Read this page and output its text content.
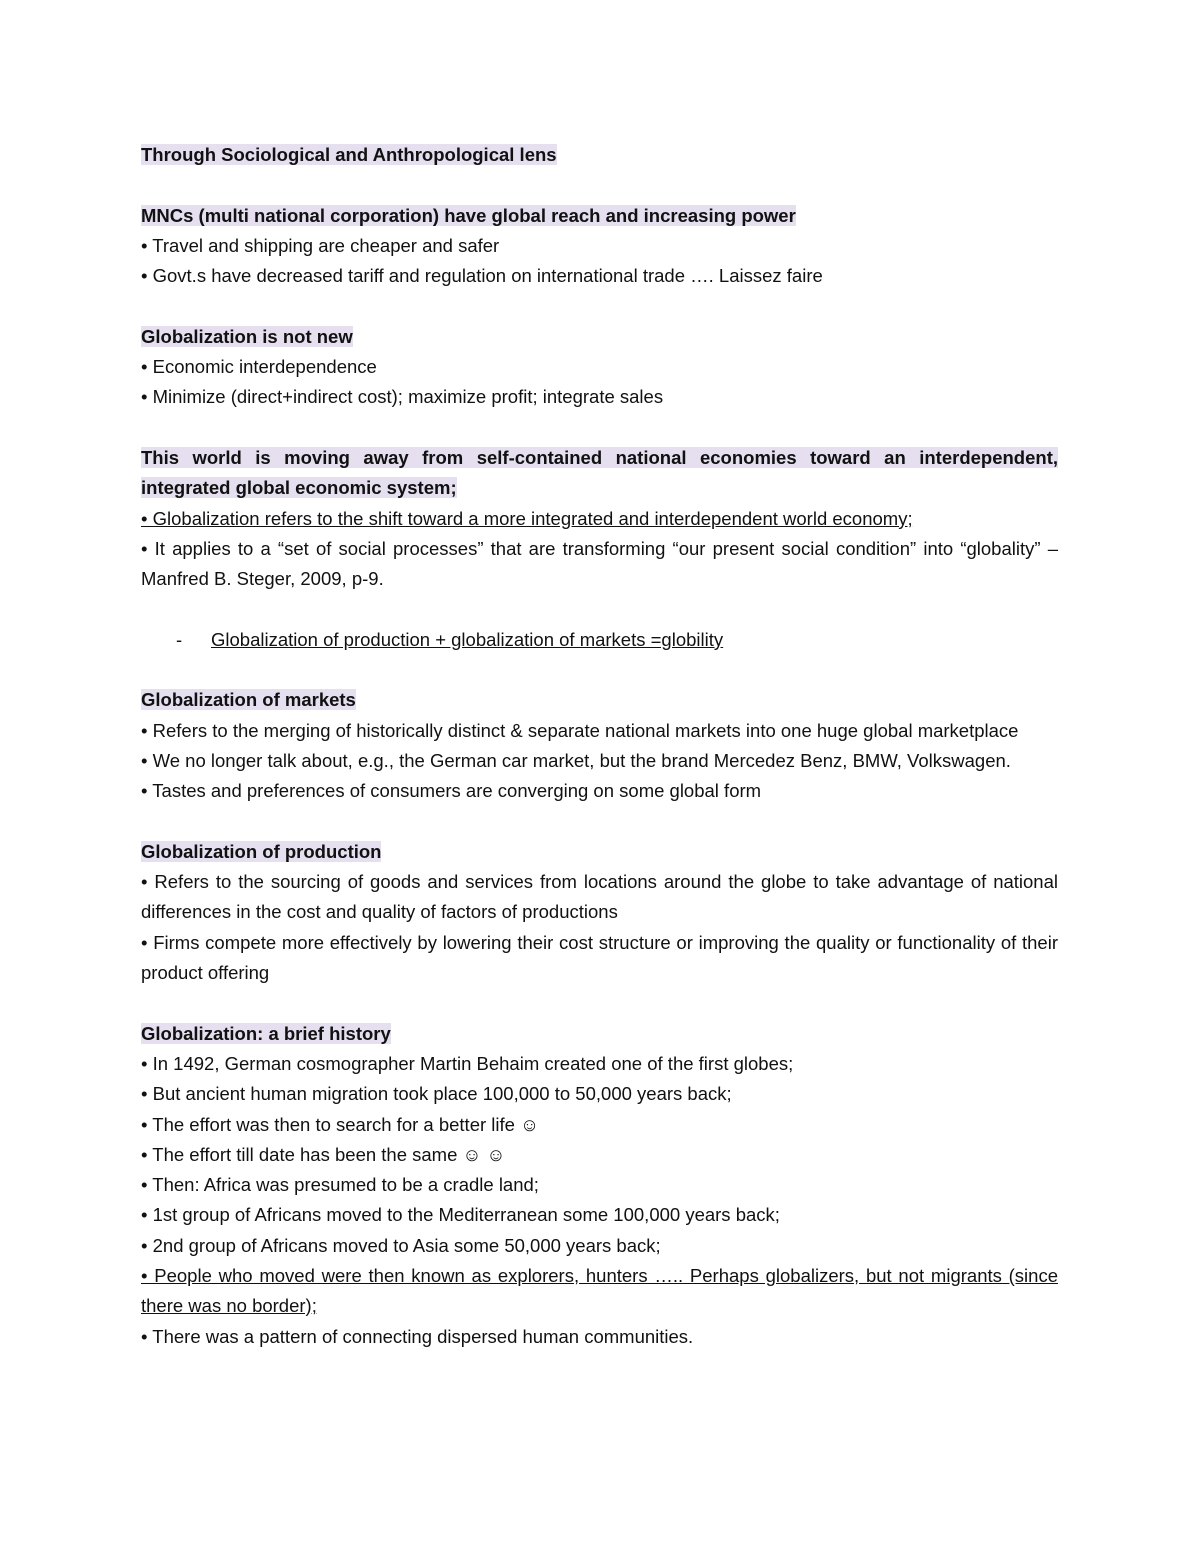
Through Sociological and Anthropological lens

MNCs (multi national corporation) have global reach and increasing power

• Travel and shipping are cheaper and safer

• Govt.s have decreased tariff and regulation on international trade …. Laissez faire

Globalization is not new

• Economic interdependence

• Minimize (direct+indirect cost); maximize profit; integrate sales

This world is moving away from self-contained national economies toward an interdependent, integrated global economic system;

• Globalization refers to the shift toward a more integrated and interdependent world economy;

• It applies to a “set of social processes” that are transforming “our present social condition” into “globality” – Manfred B. Steger, 2009, p-9.

- Globalization of production + globalization of markets =globility

Globalization of markets

• Refers to the merging of historically distinct & separate national markets into one huge global marketplace

• We no longer talk about, e.g., the German car market, but the brand Mercedez Benz, BMW, Volkswagen.

• Tastes and preferences of consumers are converging on some global form

Globalization of production

• Refers to the sourcing of goods and services from locations around the globe to take advantage of national differences in the cost and quality of factors of productions

• Firms compete more effectively by lowering their cost structure or improving the quality or functionality of their product offering

Globalization: a brief history

• In 1492, German cosmographer Martin Behaim created one of the first globes;

• But ancient human migration took place 100,000 to 50,000 years back;

• The effort was then to search for a better life ☺

• The effort till date has been the same ☺ ☺

• Then: Africa was presumed to be a cradle land;

• 1st group of Africans moved to the Mediterranean some 100,000 years back;

• 2nd group of Africans moved to Asia some 50,000 years back;

• People who moved were then known as explorers, hunters ….. Perhaps globalizers, but not migrants (since there was no border);

• There was a pattern of connecting dispersed human communities.
